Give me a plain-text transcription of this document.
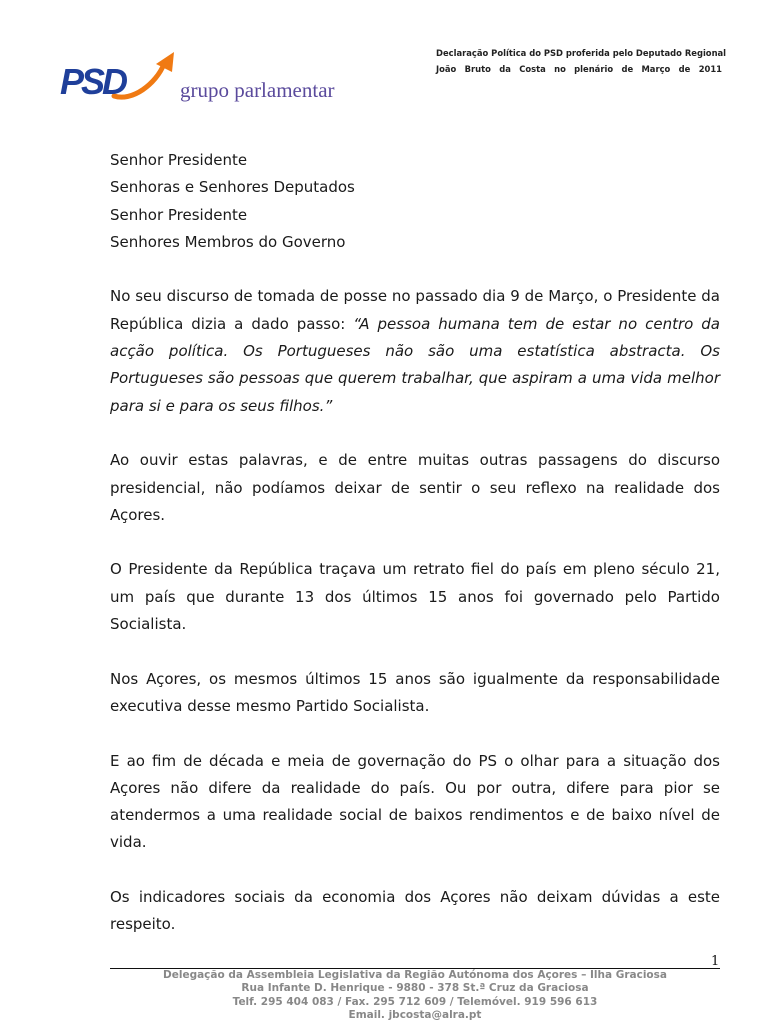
PSD	grupo parlamentar
Declaração Política do PSD proferida pelo Deputado Regional
João Bruto da Costa no plenário de Março de 2011
Senhor Presidente
Senhoras e Senhores Deputados
Senhor Presidente
Senhores Membros do Governo

No seu discurso de tomada de posse no passado dia 9 de Março, o Presidente da República dizia a dado passo: “A pessoa humana tem de estar no centro da acção política. Os Portugueses não são uma estatística abstracta. Os Portugueses são pessoas que querem trabalhar, que aspiram a uma vida melhor para si e para os seus filhos.”

Ao ouvir estas palavras, e de entre muitas outras passagens do discurso presidencial, não podíamos deixar de sentir o seu reflexo na realidade dos Açores.

O Presidente da República traçava um retrato fiel do país em pleno século 21, um país que durante 13 dos últimos 15 anos foi governado pelo Partido Socialista.

Nos Açores, os mesmos últimos 15 anos são igualmente da responsabilidade executiva desse mesmo Partido Socialista.

E ao fim de década e meia de governação do PS o olhar para a situação dos Açores não difere da realidade do país. Ou por outra, difere para pior se atendermos a uma realidade social de baixos rendimentos e de baixo nível de vida.

Os indicadores sociais da economia dos Açores não deixam dúvidas a este respeito.

1
Delegação da Assembleia Legislativa da Região Autónoma dos Açores – Ilha Graciosa
Rua Infante D. Henrique - 9880 - 378 St.ª Cruz da Graciosa
Telf. 295 404 083 / Fax. 295 712 609 / Telemóvel. 919 596 613
Email. jbcosta@alra.pt
